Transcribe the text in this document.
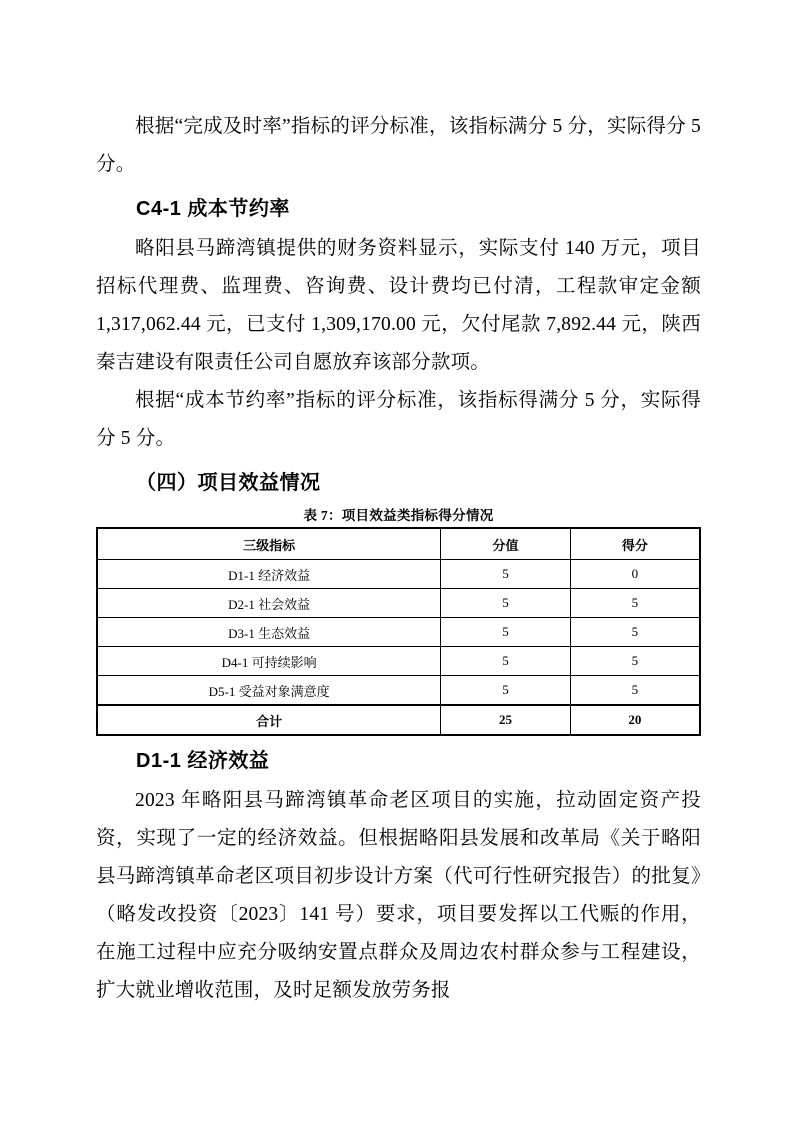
根据“完成及时率”指标的评分标准，该指标满分 5 分，实际得分 5 分。

C4-1 成本节约率

略阳县马蹄湾镇提供的财务资料显示，实际支付 140 万元，项目招标代理费、监理费、咨询费、设计费均已付清，工程款审定金额 1,317,062.44 元，已支付 1,309,170.00 元，欠付尾款 7,892.44 元，陕西秦吉建设有限责任公司自愿放弃该部分款项。

根据“成本节约率”指标的评分标准，该指标得满分 5 分，实际得分 5 分。

（四）项目效益情况
表 7：项目效益类指标得分情况
三级指标	分值	得分
D1-1 经济效益	5	0
D2-1 社会效益	5	5
D3-1 生态效益	5	5
D4-1 可持续影响	5	5
D5-1 受益对象满意度	5	5
合计	25	20
D1-1 经济效益

2023 年略阳县马蹄湾镇革命老区项目的实施，拉动固定资产投资，实现了一定的经济效益。但根据略阳县发展和改革局《关于略阳县马蹄湾镇革命老区项目初步设计方案（代可行性研究报告）的批复》（略发改投资〔2023〕141 号）要求，项目要发挥以工代赈的作用，在施工过程中应充分吸纳安置点群众及周边农村群众参与工程建设，扩大就业增收范围，及时足额发放劳务报
